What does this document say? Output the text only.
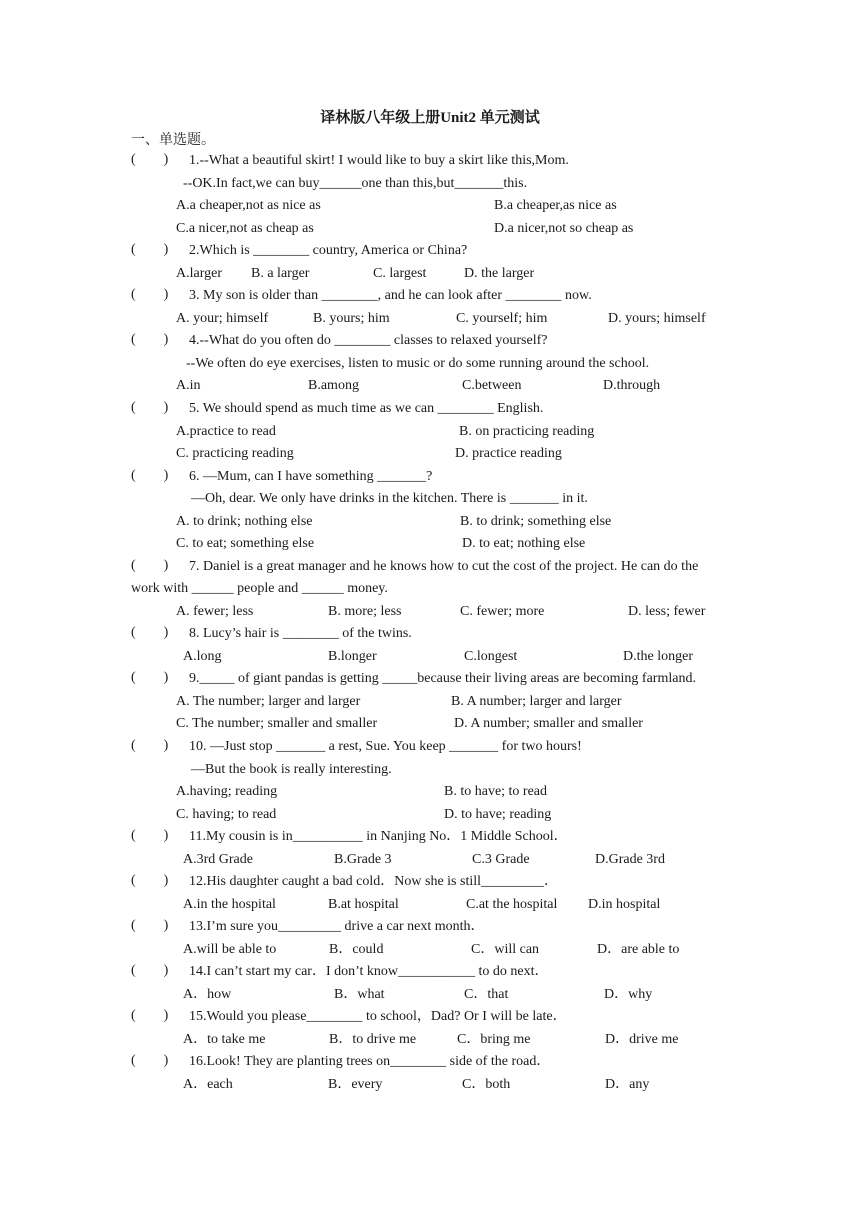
译林版八年级上册Unit2 单元测试
一、单选题。
(        ) 1.--What a beautiful skirt! I would like to buy a skirt like this,Mom.
--OK.In fact,we can buy______one than this,but_______this.
A.a cheaper,not as nice as	B.a cheaper,as nice as
C.a nicer,not as cheap as	D.a nicer,not so cheap as
(        ) 2.Which is ________ country, America or China?
A.larger B. a larger	C. largest	D. the larger
(        ) 3. My son is older than ________, and he can look after ________ now.
A. your; himself	B. yours; him	C. yourself; him	D. yours; himself
(        ) 4.--What do you often do ________ classes to relaxed yourself?
--We often do eye exercises, listen to music or do some running around the school.
A.in	B.among	C.between	D.through
(        ) 5. We should spend as much time as we can ________ English.
A.practice to read	B. on practicing reading
C. practicing reading	D. practice reading
(        ) 6. —Mum, can I have something _______?
—Oh, dear. We only have drinks in the kitchen. There is _______ in it.
A. to drink; nothing else	B. to drink; something else
C. to eat; something else	D. to eat; nothing else
(        ) 7. Daniel is a great manager and he knows how to cut the cost of the project. He can do the
work with ______ people and ______ money.
A. fewer; less	B. more; less	C. fewer; more	D. less; fewer
(        ) 8. Lucy’s hair is ________ of the twins.
A.long	B.longer	C.longest	D.the longer
(        ) 9._____ of giant pandas is getting _____because their living areas are becoming farmland.
A. The number; larger and larger	B. A number; larger and larger
C. The number; smaller and smaller	D. A number; smaller and smaller
(        ) 10. —Just stop _______ a rest, Sue. You keep _______ for two hours!
—But the book is really interesting.
A.having; reading	B. to have; to read
C. having; to read	D. to have; reading
(        ) 11.My cousin is in__________ in Nanjing No．1 Middle School．
A.3rd Grade	B.Grade 3	C.3 Grade	D.Grade 3rd
(        ) 12.His daughter caught a bad cold．Now she is still_________．
A.in the hospital	B.at hospital	C.at the hospital D.in hospital
(        ) 13.I’m sure you_________ drive a car next month．
A.will be able to	B．could	C．will can	D．are able to
(        ) 14.I can’t start my car．I don’t know___________ to do next．
A．how	B．what	C．that	D．why
(        ) 15.Would you please________ to school，Dad? Or I will be late．
A．to take me	B．to drive me	C．bring me	D．drive me
(        ) 16.Look! They are planting trees on________ side of the road．
A．each	B．every	C．both	D．any
